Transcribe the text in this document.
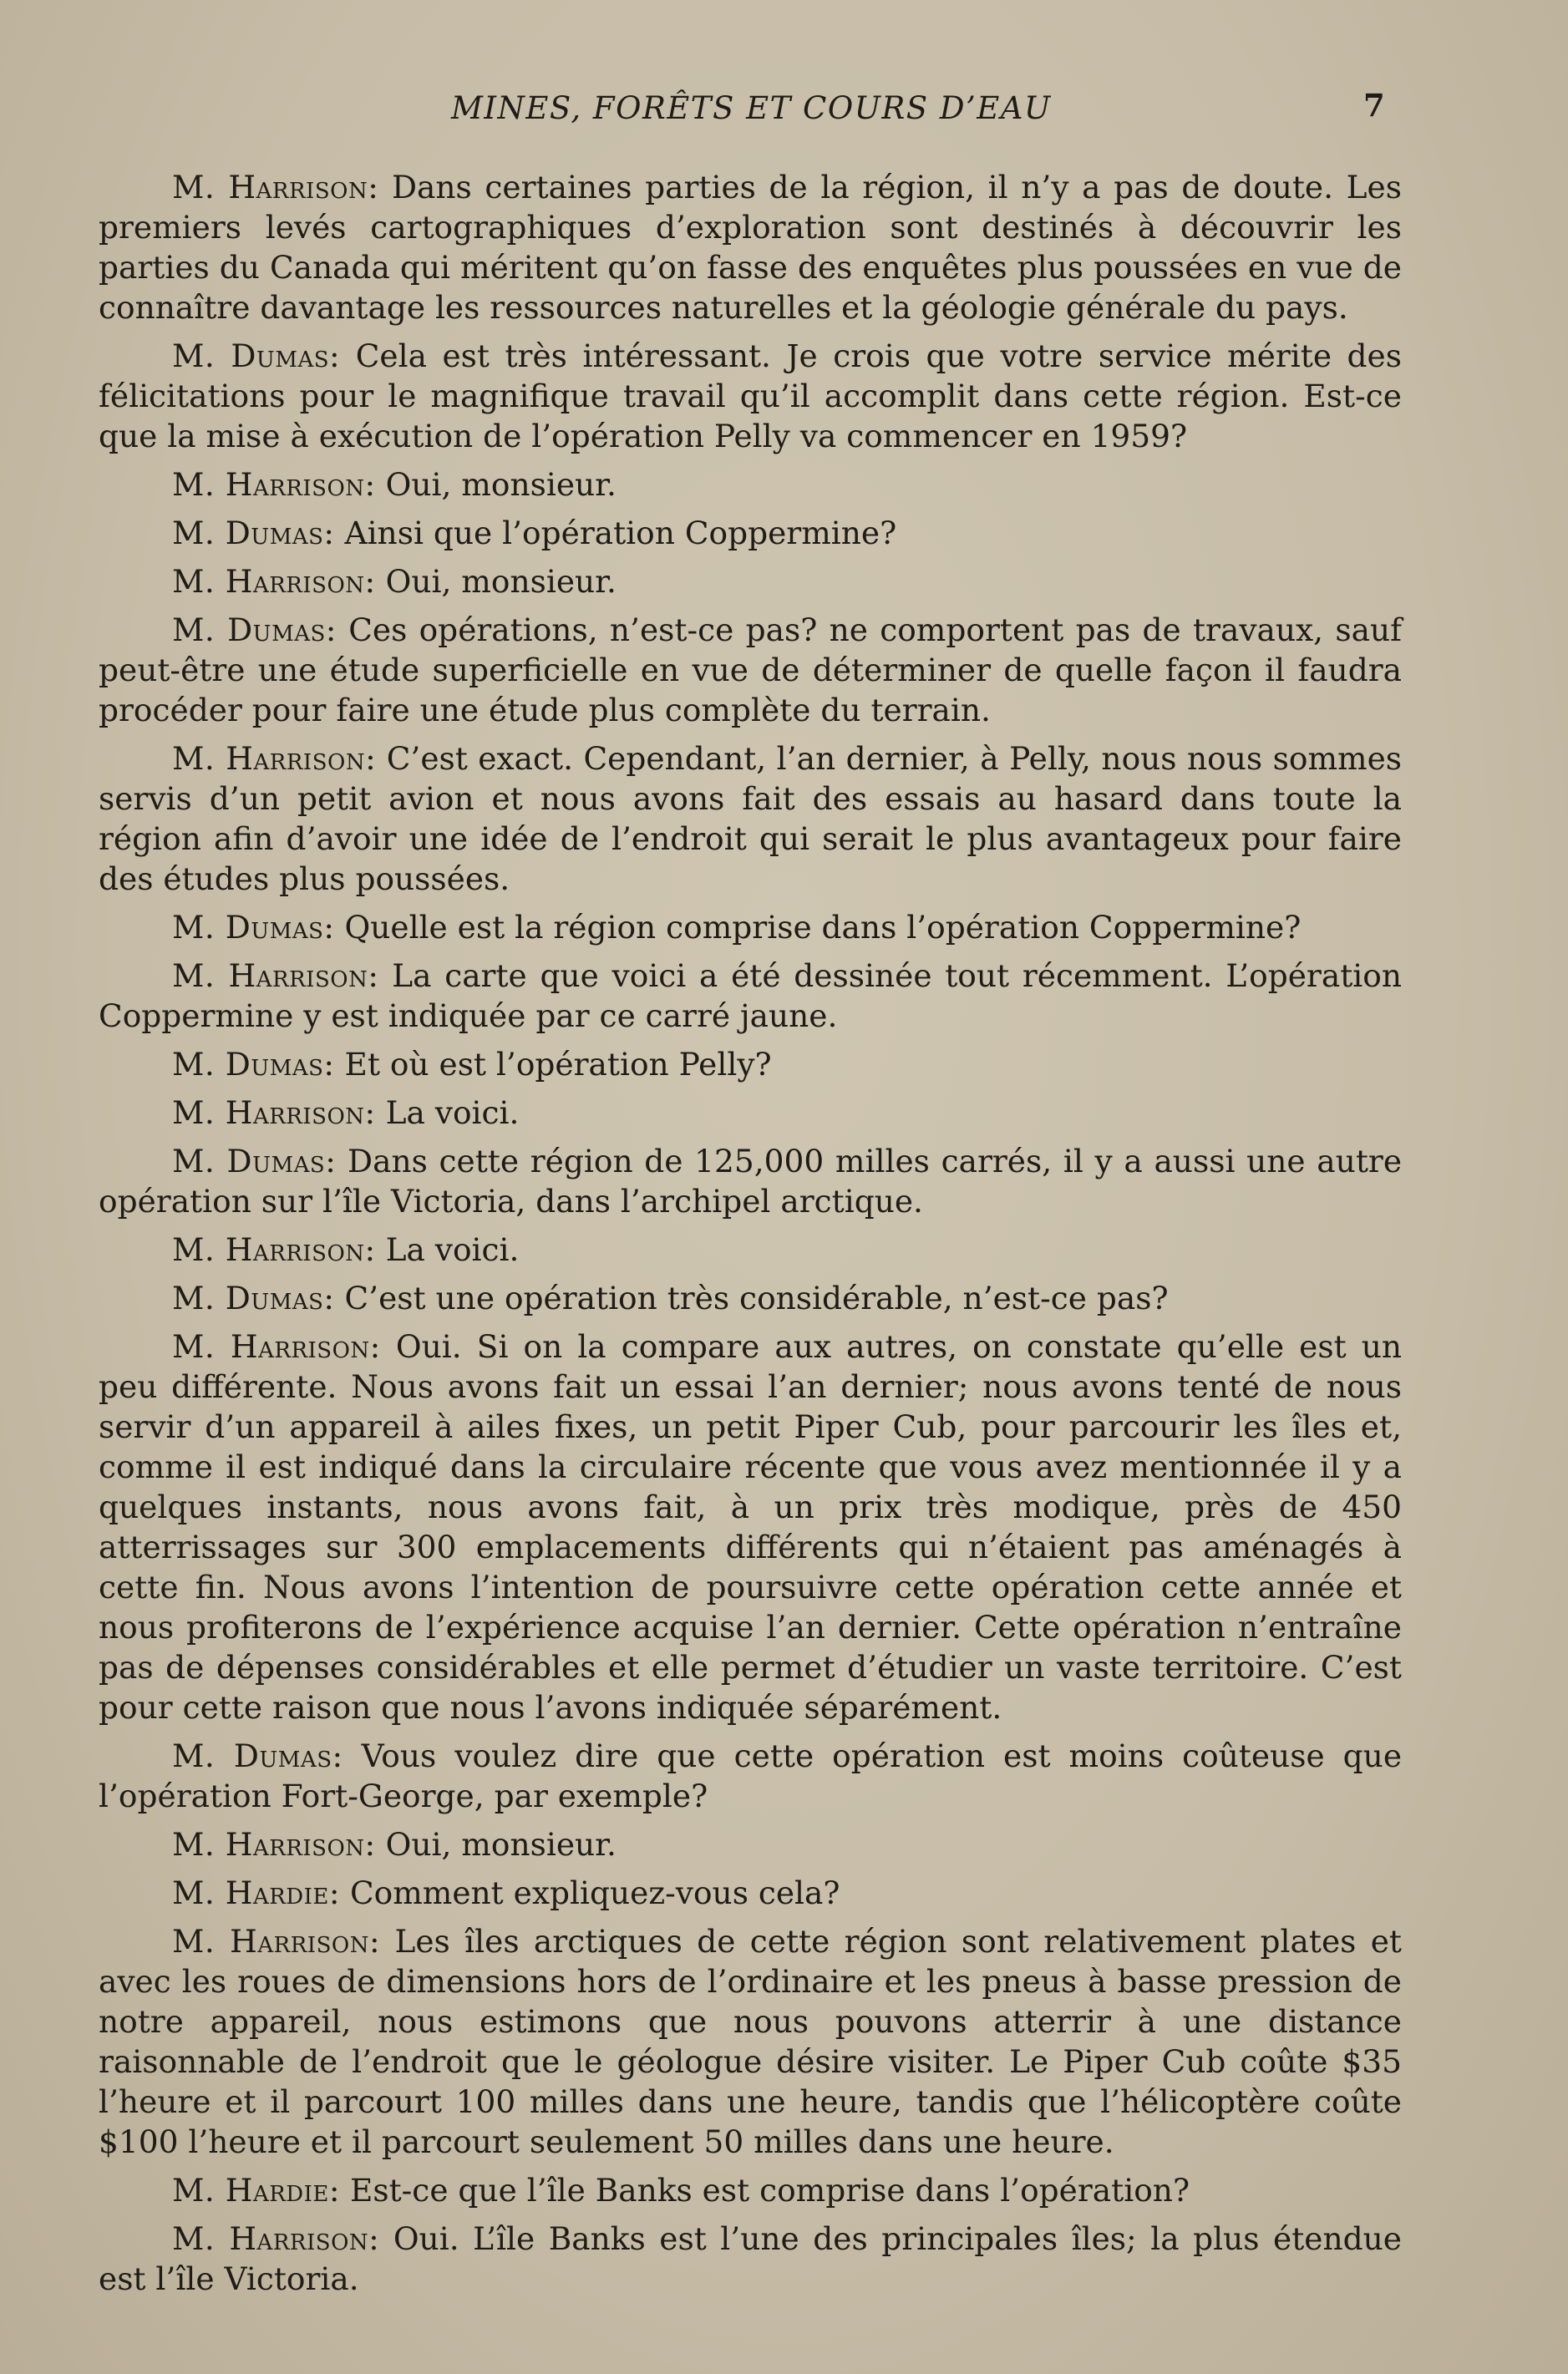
MINES, FORÊTS ET COURS D’EAU	7

M. Harrison: Dans certaines parties de la région, il n’y a pas de doute. Les premiers levés cartographiques d’exploration sont destinés à découvrir les parties du Canada qui méritent qu’on fasse des enquêtes plus poussées en vue de connaître davantage les ressources naturelles et la géologie générale du pays.

M. Dumas: Cela est très intéressant. Je crois que votre service mérite des félicitations pour le magnifique travail qu’il accomplit dans cette région. Est-ce que la mise à exécution de l’opération Pelly va commencer en 1959?

M. Harrison: Oui, monsieur.

M. Dumas: Ainsi que l’opération Coppermine?

M. Harrison: Oui, monsieur.

M. Dumas: Ces opérations, n’est-ce pas? ne comportent pas de travaux, sauf peut-être une étude superficielle en vue de déterminer de quelle façon il faudra procéder pour faire une étude plus complète du terrain.

M. Harrison: C’est exact. Cependant, l’an dernier, à Pelly, nous nous sommes servis d’un petit avion et nous avons fait des essais au hasard dans toute la région afin d’avoir une idée de l’endroit qui serait le plus avantageux pour faire des études plus poussées.

M. Dumas: Quelle est la région comprise dans l’opération Coppermine?

M. Harrison: La carte que voici a été dessinée tout récemment. L’opération Coppermine y est indiquée par ce carré jaune.

M. Dumas: Et où est l’opération Pelly?

M. Harrison: La voici.

M. Dumas: Dans cette région de 125,000 milles carrés, il y a aussi une autre opération sur l’île Victoria, dans l’archipel arctique.

M. Harrison: La voici.

M. Dumas: C’est une opération très considérable, n’est-ce pas?

M. Harrison: Oui. Si on la compare aux autres, on constate qu’elle est un peu différente. Nous avons fait un essai l’an dernier; nous avons tenté de nous servir d’un appareil à ailes fixes, un petit Piper Cub, pour parcourir les îles et, comme il est indiqué dans la circulaire récente que vous avez mentionnée il y a quelques instants, nous avons fait, à un prix très modique, près de 450 atterrissages sur 300 emplacements différents qui n’étaient pas aménagés à cette fin. Nous avons l’intention de poursuivre cette opération cette année et nous profiterons de l’expérience acquise l’an dernier. Cette opération n’entraîne pas de dépenses considérables et elle permet d’étudier un vaste territoire. C’est pour cette raison que nous l’avons indiquée séparément.

M. Dumas: Vous voulez dire que cette opération est moins coûteuse que l’opération Fort-George, par exemple?

M. Harrison: Oui, monsieur.

M. Hardie: Comment expliquez-vous cela?

M. Harrison: Les îles arctiques de cette région sont relativement plates et avec les roues de dimensions hors de l’ordinaire et les pneus à basse pression de notre appareil, nous estimons que nous pouvons atterrir à une distance raisonnable de l’endroit que le géologue désire visiter. Le Piper Cub coûte $35 l’heure et il parcourt 100 milles dans une heure, tandis que l’hélicoptère coûte $100 l’heure et il parcourt seulement 50 milles dans une heure.

M. Hardie: Est-ce que l’île Banks est comprise dans l’opération?

M. Harrison: Oui. L’île Banks est l’une des principales îles; la plus étendue est l’île Victoria.
